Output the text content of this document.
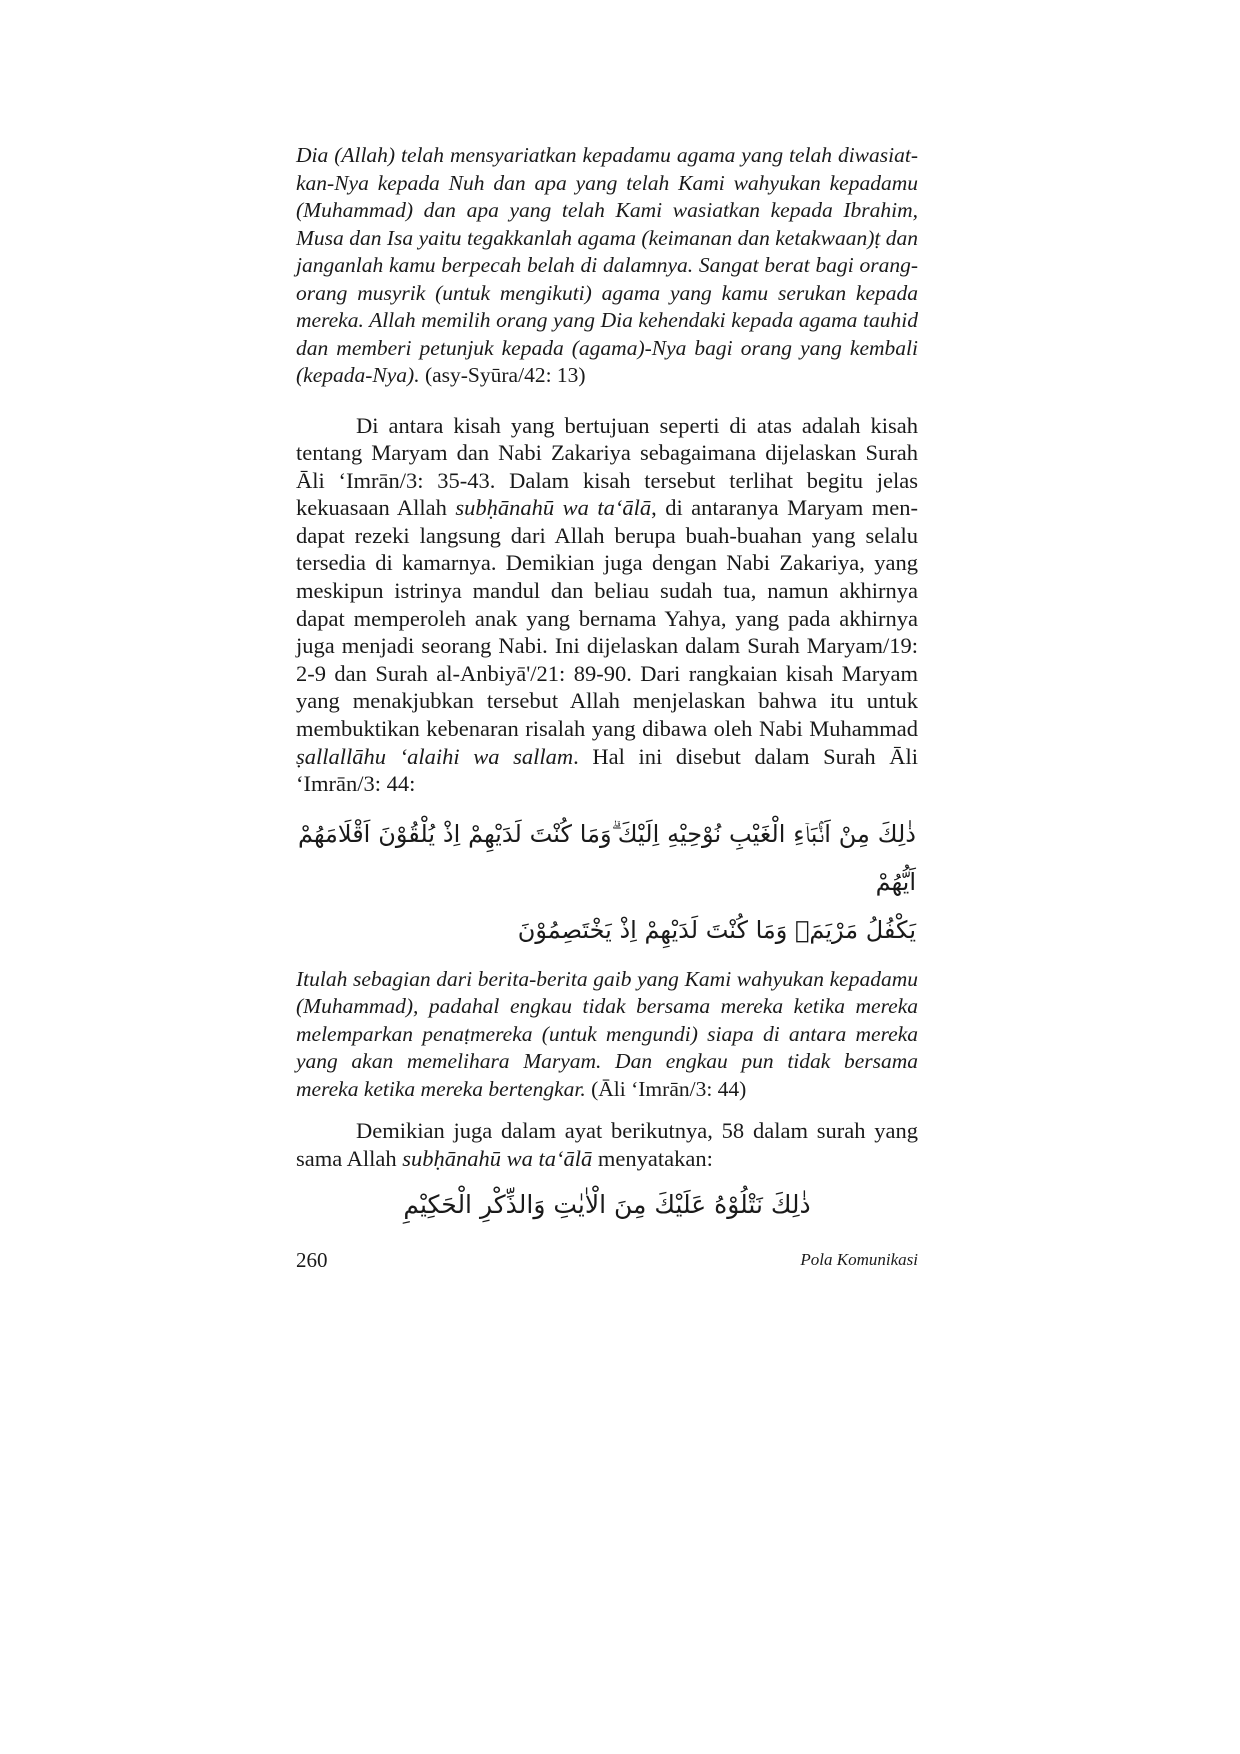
Dia (Allah) telah mensyariatkan kepadamu agama yang telah diwasiat-kan-Nya kepada Nuh dan apa yang telah Kami wahyukan kepadamu (Muhammad) dan apa yang telah Kami wasiatkan kepada Ibrahim, Musa dan Isa yaitu tegakkanlah agama (keimanan dan ketakwaan)ṭ dan janganlah kamu berpecah belah di dalamnya. Sangat berat bagi orang-orang musyrik (untuk mengikuti) agama yang kamu serukan kepada mereka. Allah memilih orang yang Dia kehendaki kepada agama tauhid dan memberi petunjuk kepada (agama)-Nya bagi orang yang kembali (kepada-Nya). (asy-Syūra/42: 13)

Di antara kisah yang bertujuan seperti di atas adalah kisah tentang Maryam dan Nabi Zakariya sebagaimana dijelaskan Surah Āli ‘Imrān/3: 35-43. Dalam kisah tersebut terlihat begitu jelas kekuasaan Allah subḥānahū wa ta‘ālā, di antaranya Maryam men-dapat rezeki langsung dari Allah berupa buah-buahan yang selalu tersedia di kamarnya. Demikian juga dengan Nabi Zakariya, yang meskipun istrinya mandul dan beliau sudah tua, namun akhirnya dapat memperoleh anak yang bernama Yahya, yang pada akhirnya juga menjadi seorang Nabi. Ini dijelaskan dalam Surah Maryam/19: 2-9 dan Surah al-Anbiyā'/21: 89-90. Dari rangkaian kisah Maryam yang menakjubkan tersebut Allah menjelaskan bahwa itu untuk membuktikan kebenaran risalah yang dibawa oleh Nabi Muhammad ṣallallāhu ‘alaihi wa sallam. Hal ini disebut dalam Surah Āli ‘Imrān/3: 44:

ذٰلِكَ مِنْ اَنْۢبَاۤءِ الْغَيْبِ نُوْحِيْهِ اِلَيْكَ ۗوَمَا كُنْتَ لَدَيْهِمْ اِذْ يُلْقُوْنَ اَقْلَامَهُمْ اَيُّهُمْ
يَكْفُلُ مَرْيَمَۖ وَمَا كُنْتَ لَدَيْهِمْ اِذْ يَخْتَصِمُوْنَ

Itulah sebagian dari berita-berita gaib yang Kami wahyukan kepadamu (Muhammad), padahal engkau tidak bersama mereka ketika mereka melemparkan penaṭmereka (untuk mengundi) siapa di antara mereka yang akan memelihara Maryam. Dan engkau pun tidak bersama mereka ketika mereka bertengkar. (Āli ‘Imrān/3: 44)

Demikian juga dalam ayat berikutnya, 58 dalam surah yang sama Allah subḥānahū wa ta‘ālā menyatakan:

ذٰلِكَ نَتْلُوْهُ عَلَيْكَ مِنَ الْاٰيٰتِ وَالذِّكْرِ الْحَكِيْمِ

260	Pola Komunikasi
